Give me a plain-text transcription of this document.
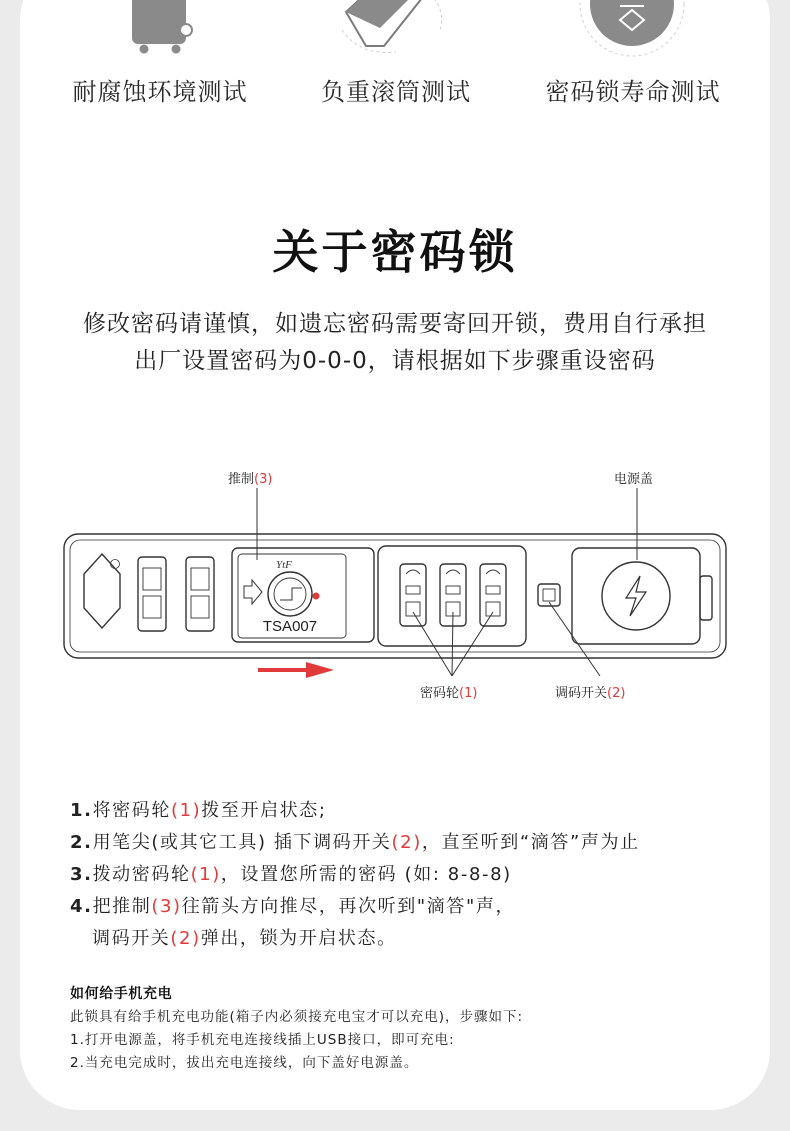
耐腐蚀环境测试	负重滚筒测试	密码锁寿命测试
关于密码锁
修改密码请谨慎，如遗忘密码需要寄回开锁，费用自行承担
出厂设置密码为0-0-0，请根据如下步骤重设密码
YtF
TSA007
推制(3)	电源盖
密码轮(1)	调码开关(2)
1.将密码轮(1)拨至开启状态;
2.用笔尖(或其它工具) 插下调码开关(2)，直至听到“滴答”声为止
3.拨动密码轮(1)，设置您所需的密码 (如: 8-8-8)
4.把推制(3)往箭头方向推尽，再次听到"滴答"声，
调码开关(2)弹出，锁为开启状态。
如何给手机充电
此锁具有给手机充电功能(箱子内必须接充电宝才可以充电)，步骤如下:
1.打开电源盖，将手机充电连接线插上USB接口，即可充电:
2.当充电完成时，拔出充电连接线，向下盖好电源盖。
